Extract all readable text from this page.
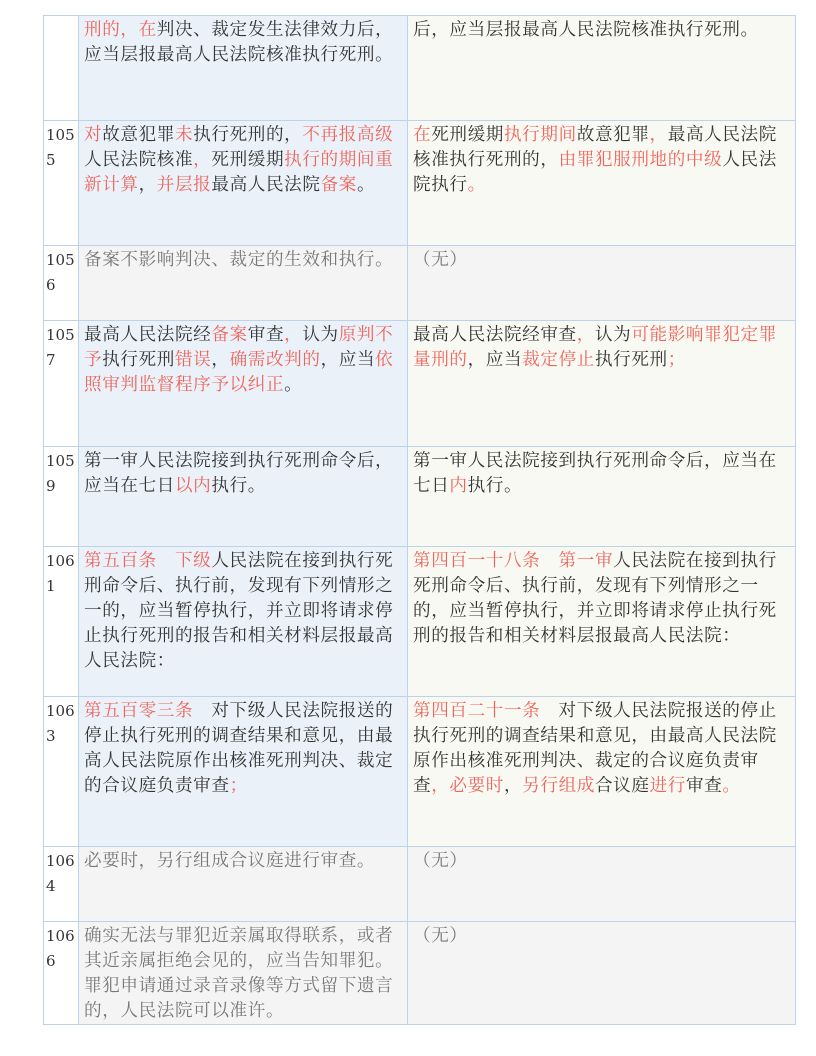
	刑的，在判决、裁定发生法律效力后，应当层报最高人民法院核准执行死刑。	后，应当层报最高人民法院核准执行死刑。
1055	对故意犯罪未执行死刑的，不再报高级人民法院核准，死刑缓期执行的期间重新计算，并层报最高人民法院备案。	在死刑缓期执行期间故意犯罪，最高人民法院核准执行死刑的，由罪犯服刑地的中级人民法院执行。
1056	备案不影响判决、裁定的生效和执行。	（无）
1057	最高人民法院经备案审查，认为原判不予执行死刑错误，确需改判的，应当依照审判监督程序予以纠正。	最高人民法院经审查，认为可能影响罪犯定罪量刑的，应当裁定停止执行死刑；
1059	第一审人民法院接到执行死刑命令后，应当在七日以内执行。	第一审人民法院接到执行死刑命令后，应当在七日内执行。
1061	第五百条　下级人民法院在接到执行死刑命令后、执行前，发现有下列情形之一的，应当暂停执行，并立即将请求停止执行死刑的报告和相关材料层报最高人民法院：	第四百一十八条　第一审人民法院在接到执行死刑命令后、执行前，发现有下列情形之一的，应当暂停执行，并立即将请求停止执行死刑的报告和相关材料层报最高人民法院：
1063	第五百零三条　对下级人民法院报送的停止执行死刑的调查结果和意见，由最高人民法院原作出核准死刑判决、裁定的合议庭负责审查；	第四百二十一条　对下级人民法院报送的停止执行死刑的调查结果和意见，由最高人民法院原作出核准死刑判决、裁定的合议庭负责审查，必要时，另行组成合议庭进行审查。
1064	必要时，另行组成合议庭进行审查。	（无）
1066	确实无法与罪犯近亲属取得联系，或者其近亲属拒绝会见的，应当告知罪犯。罪犯申请通过录音录像等方式留下遗言的，人民法院可以准许。	（无）
